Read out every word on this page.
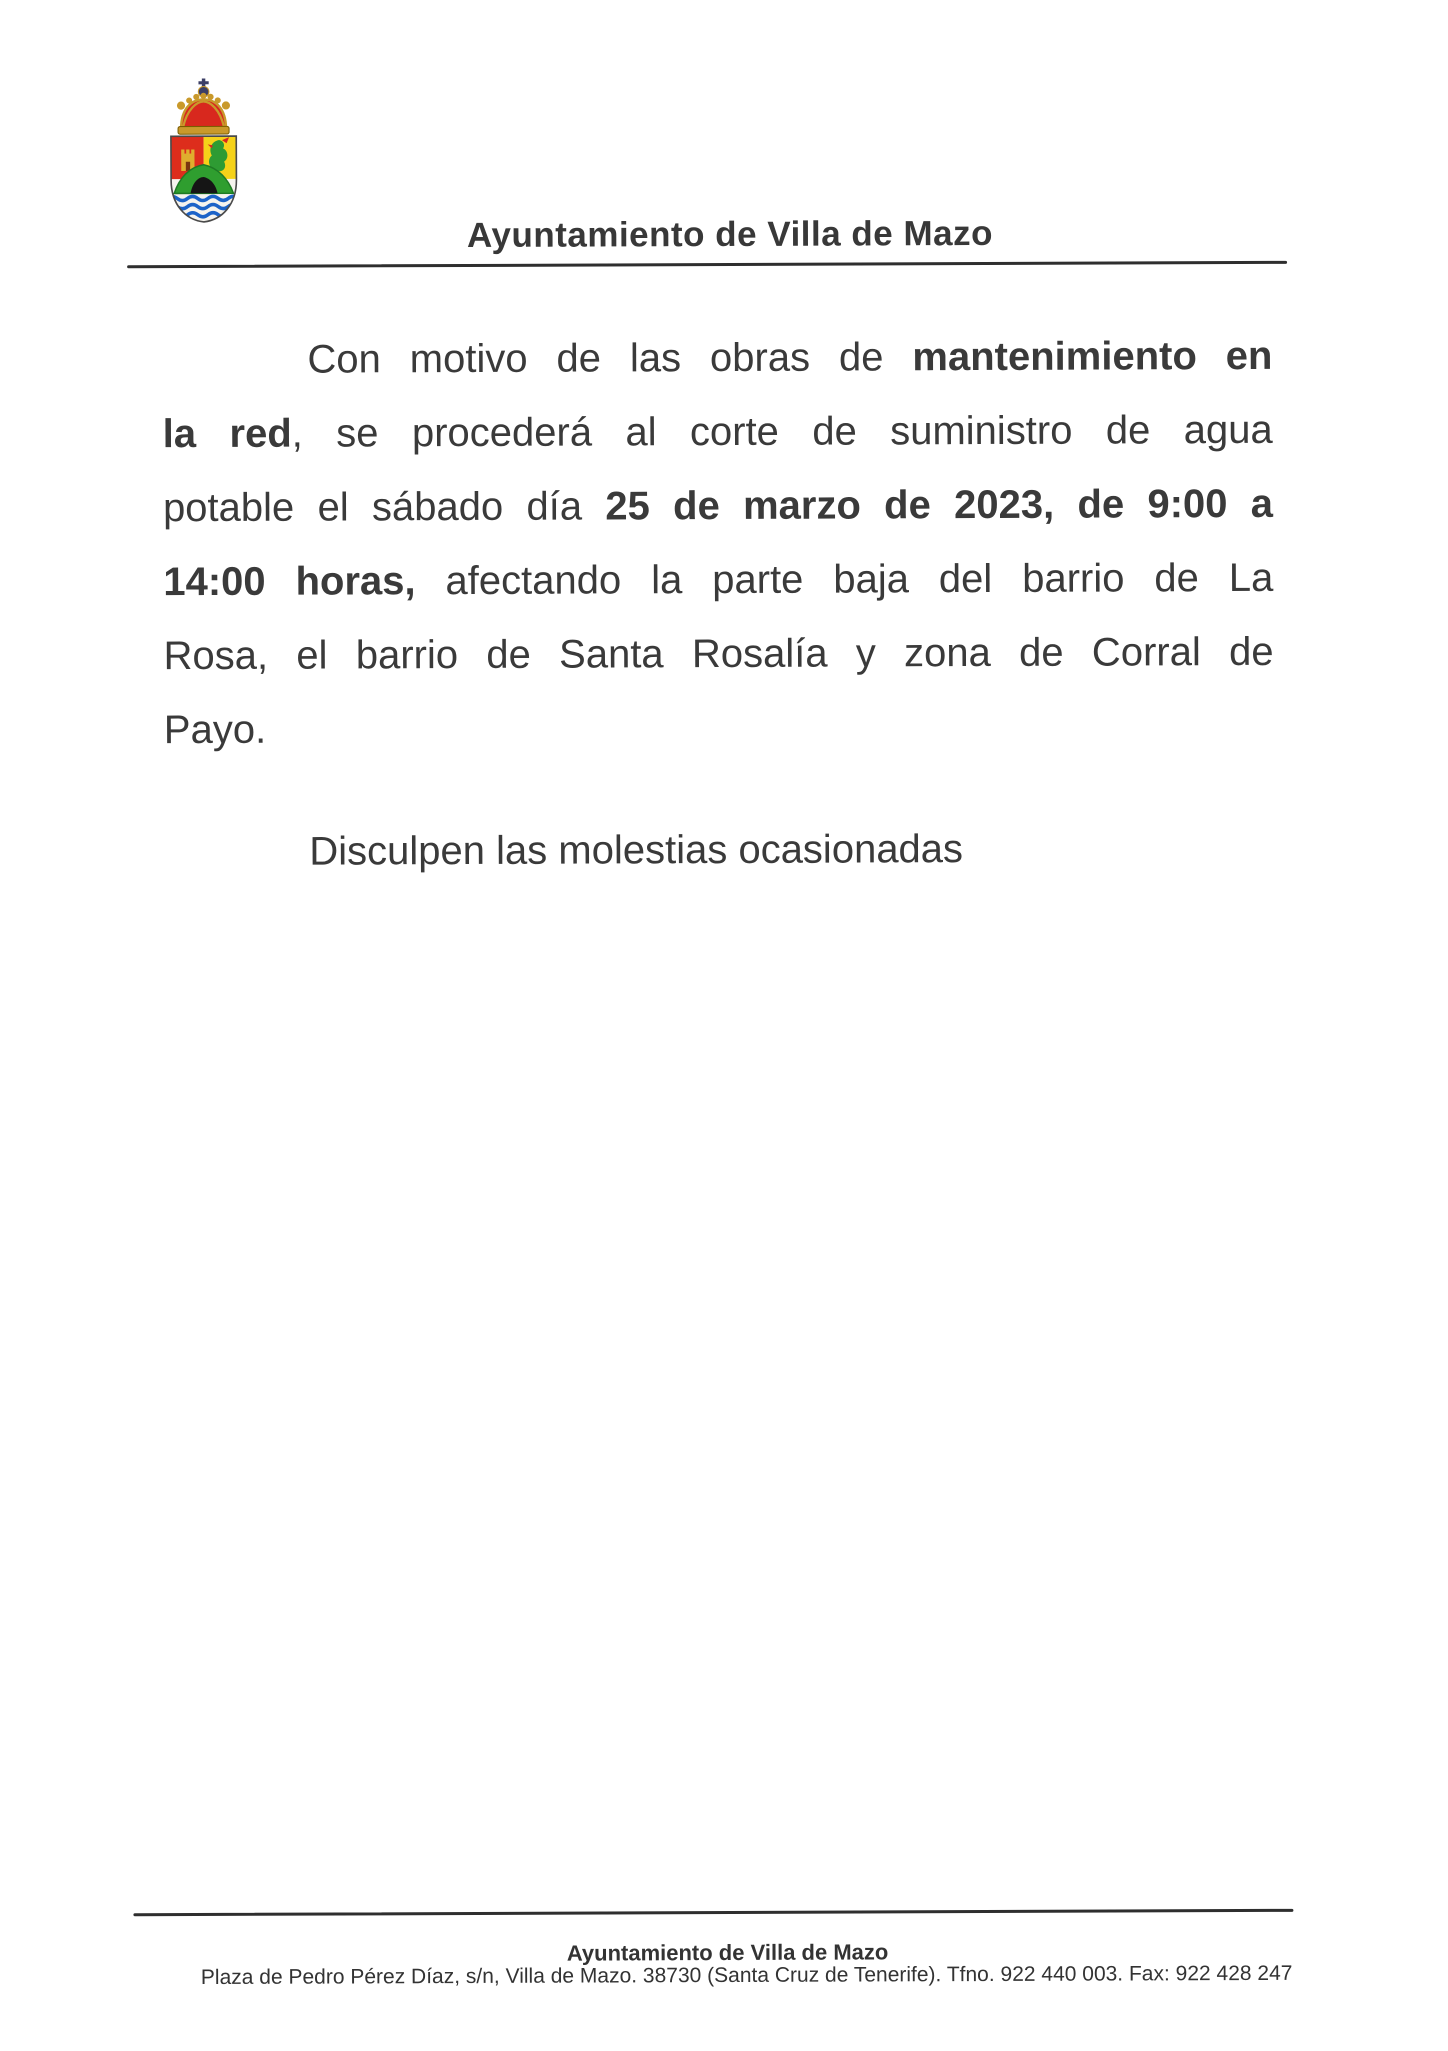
Ayuntamiento de Villa de Mazo
Con motivo de las obras de mantenimiento en
la red, se procederá al corte de suministro de agua
potable el sábado día 25 de marzo de 2023, de 9:00 a
14:00 horas, afectando la parte baja del barrio de La
Rosa, el barrio de Santa Rosalía y zona de Corral de
Payo.
Disculpen las molestias ocasionadas
Ayuntamiento de Villa de Mazo
Plaza de Pedro Pérez Díaz, s/n, Villa de Mazo. 38730 (Santa Cruz de Tenerife). Tfno. 922 440 003. Fax: 922 428 247
